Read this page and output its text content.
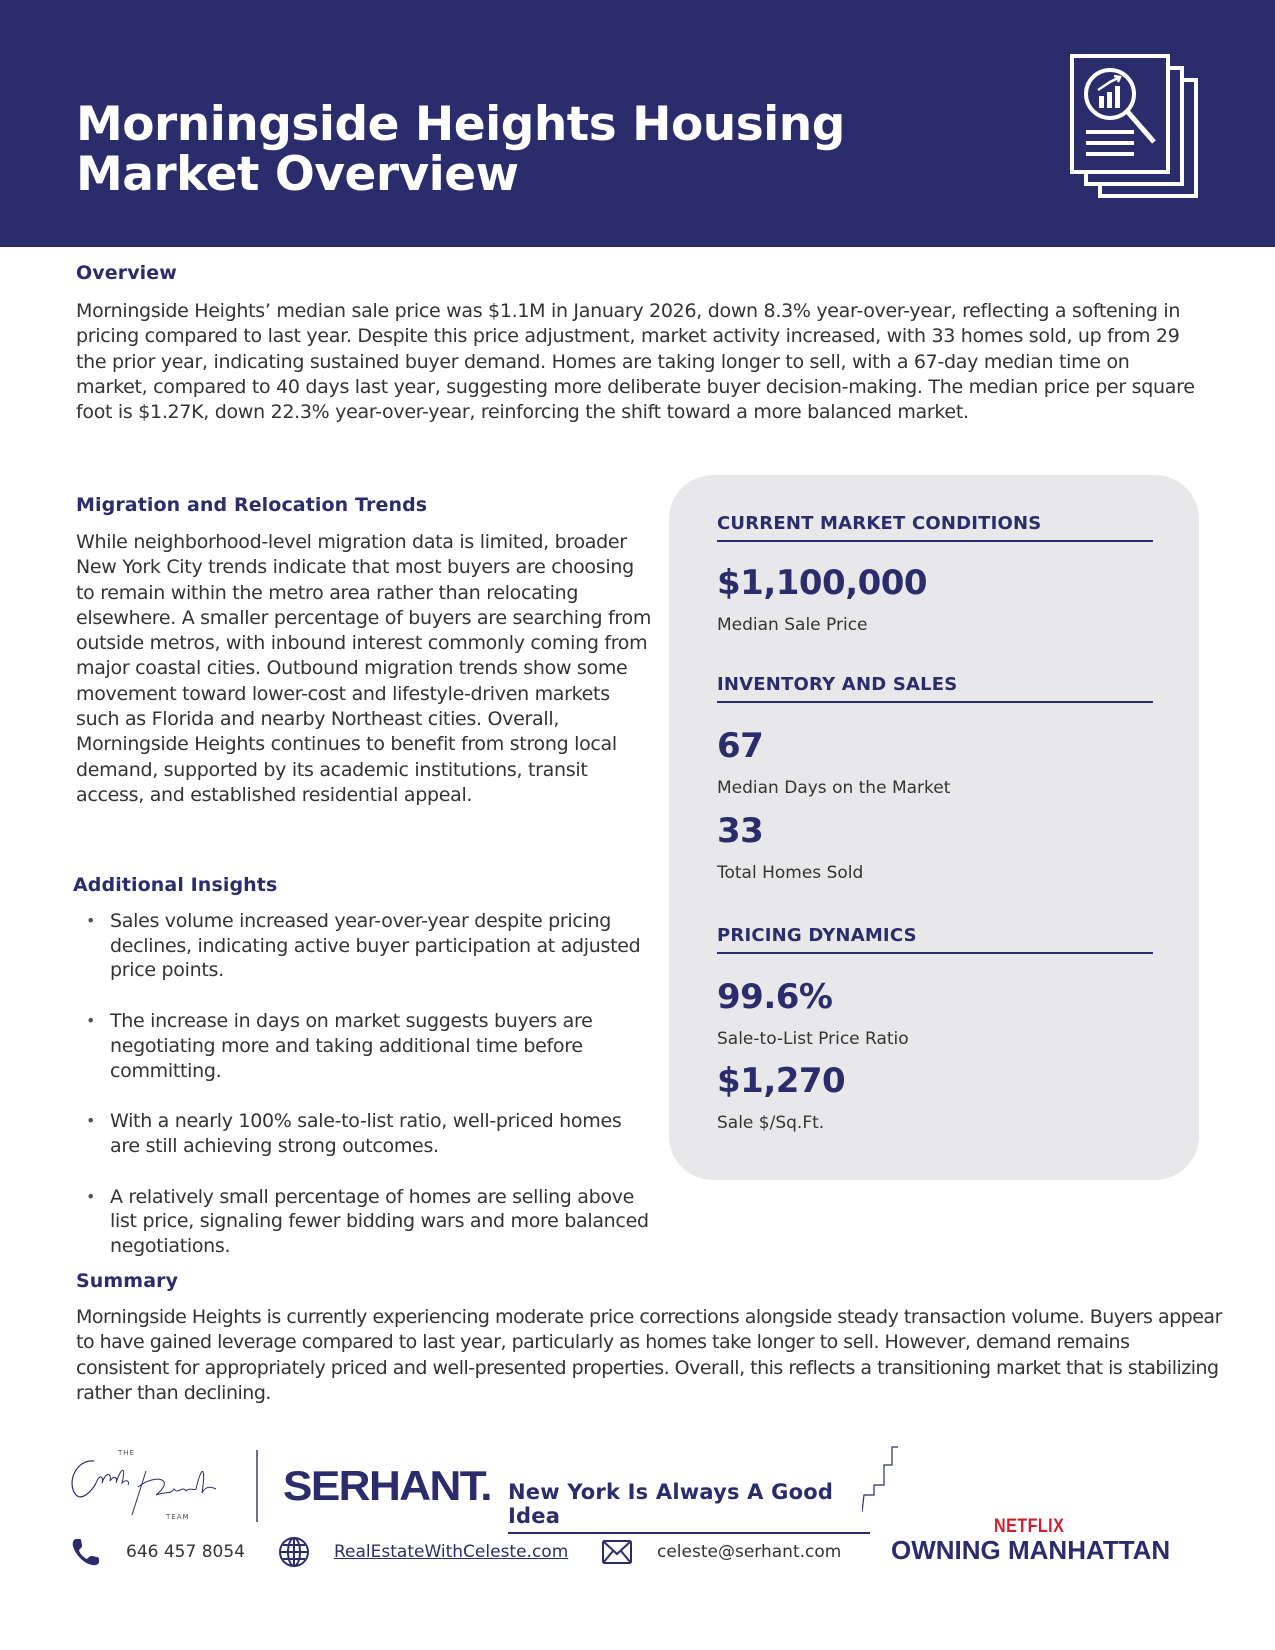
Morningside Heights Housing
Market Overview
Overview
Morningside Heights’ median sale price was $1.1M in January 2026, down 8.3% year-over-year, reflecting a softening in pricing compared to last year. Despite this price adjustment, market activity increased, with 33 homes sold, up from 29 the prior year, indicating sustained buyer demand. Homes are taking longer to sell, with a 67-day median time on market, compared to 40 days last year, suggesting more deliberate buyer decision-making. The median price per square foot is $1.27K, down 22.3% year-over-year, reinforcing the shift toward a more balanced market.
Migration and Relocation Trends
While neighborhood-level migration data is limited, broader New York City trends indicate that most buyers are choosing to remain within the metro area rather than relocating elsewhere. A smaller percentage of buyers are searching from outside metros, with inbound interest commonly coming from major coastal cities. Outbound migration trends show some movement toward lower-cost and lifestyle-driven markets such as Florida and nearby Northeast cities. Overall, Morningside Heights continues to benefit from strong local demand, supported by its academic institutions, transit access, and established residential appeal.
Additional Insights
• Sales volume increased year-over-year despite pricing declines, indicating active buyer participation at adjusted price points.
• The increase in days on market suggests buyers are negotiating more and taking additional time before committing.
• With a nearly 100% sale-to-list ratio, well-priced homes are still achieving strong outcomes.
• A relatively small percentage of homes are selling above list price, signaling fewer bidding wars and more balanced negotiations.
CURRENT MARKET CONDITIONS
$1,100,000
Median Sale Price
INVENTORY AND SALES
67
Median Days on the Market
33
Total Homes Sold
PRICING DYNAMICS
99.6%
Sale-to-List Price Ratio
$1,270
Sale $/Sq.Ft.
Summary
Morningside Heights is currently experiencing moderate price corrections alongside steady transaction volume. Buyers appear to have gained leverage compared to last year, particularly as homes take longer to sell. However, demand remains consistent for appropriately priced and well-presented properties. Overall, this reflects a transitioning market that is stabilizing rather than declining.
THE
TEAM
SERHANT. New York Is Always A Good Idea	NETFLIX
OWNING MANHATTAN
646 457 8054	RealEstateWithCeleste.com	celeste@serhant.com
